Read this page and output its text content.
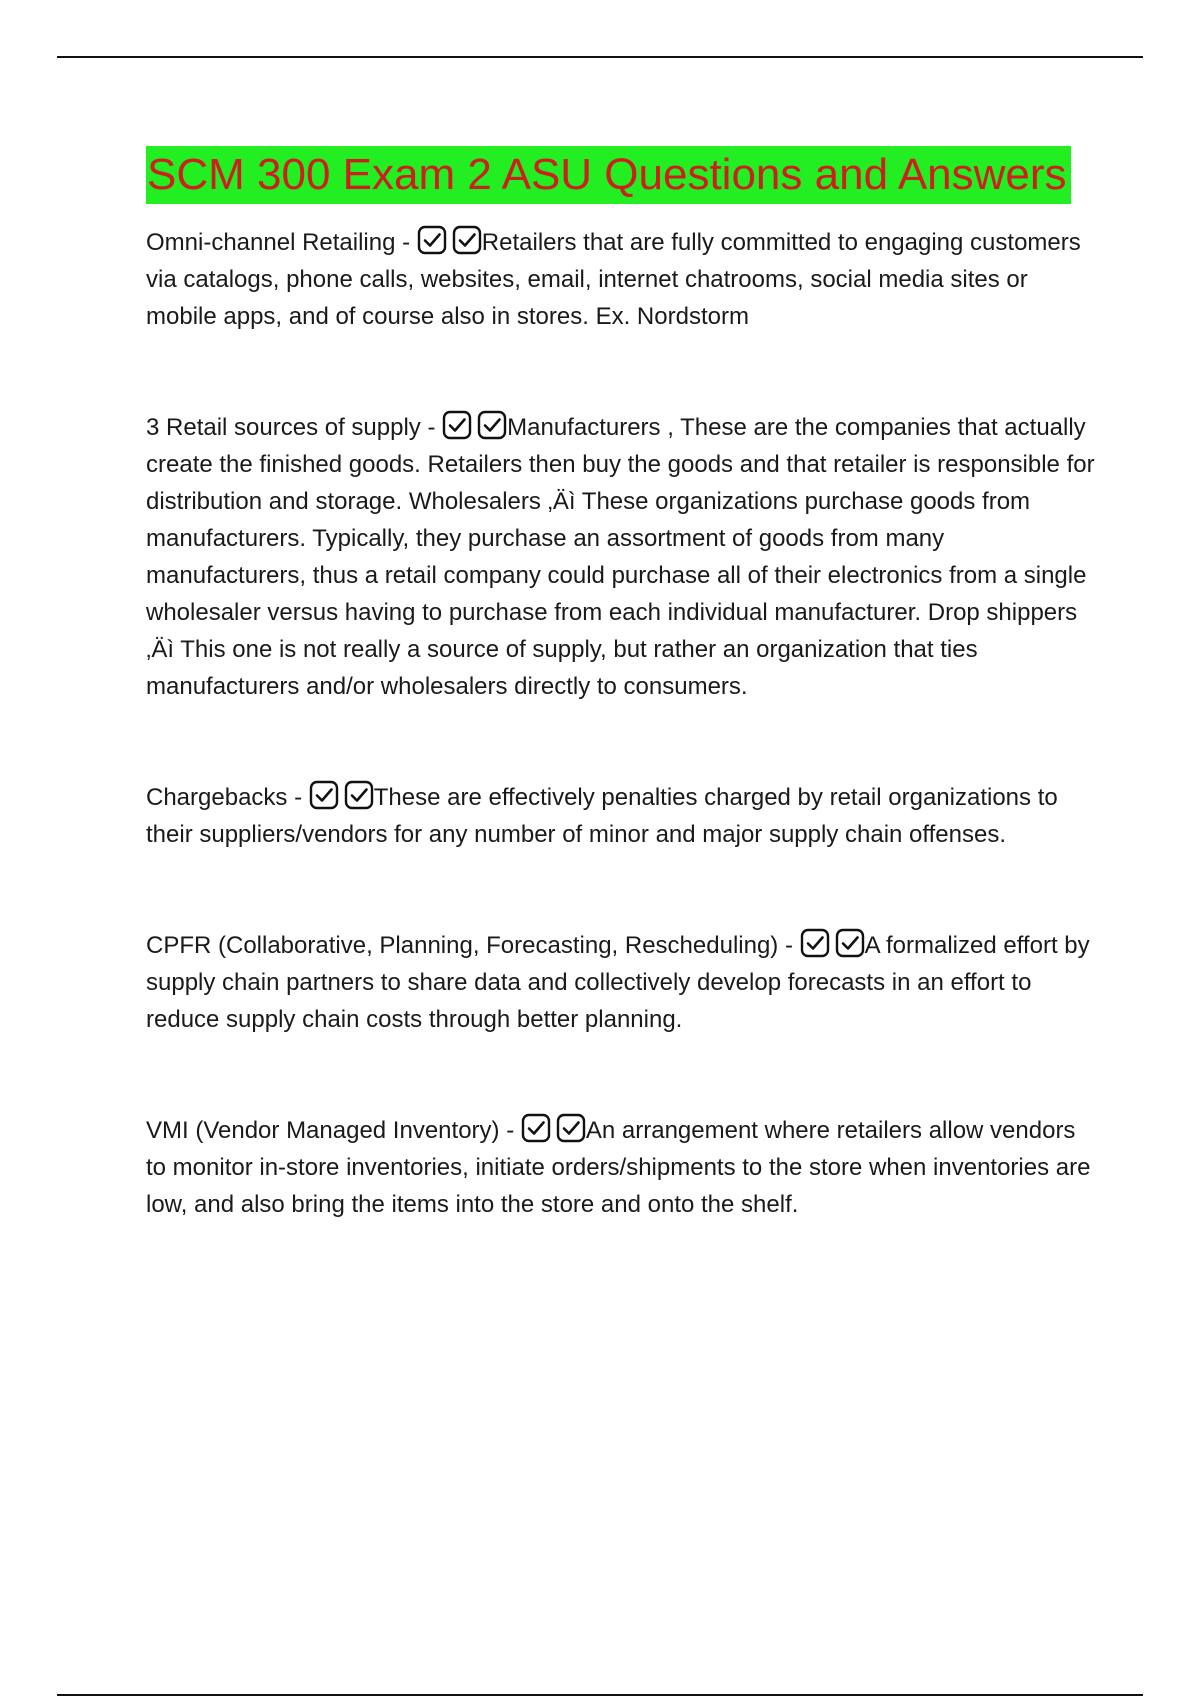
SCM 300 Exam 2 ASU Questions and Answers

Omni-channel Retailing -	Retailers that are fully committed to engaging customers via catalogs, phone calls, websites, email, internet chatrooms, social media sites or mobile apps, and of course also in stores. Ex. Nordstorm

3 Retail sources of supply -	Manufacturers , These are the companies that actually create the finished goods. Retailers then buy the goods and that retailer is responsible for distribution and storage. Wholesalers ‚Äì These organizations purchase goods from manufacturers. Typically, they purchase an assortment of goods from many manufacturers, thus a retail company could purchase all of their electronics from a single wholesaler versus having to purchase from each individual manufacturer. Drop shippers ‚Äì This one is not really a source of supply, but rather an organization that ties manufacturers and/or wholesalers directly to consumers.

Chargebacks -	These are effectively penalties charged by retail organizations to their suppliers/vendors for any number of minor and major supply chain offenses.

CPFR (Collaborative, Planning, Forecasting, Rescheduling) -	A formalized effort by supply chain partners to share data and collectively develop forecasts in an effort to reduce supply chain costs through better planning.

VMI (Vendor Managed Inventory) -	An arrangement where retailers allow vendors to monitor in-store inventories, initiate orders/shipments to the store when inventories are low, and also bring the items into the store and onto the shelf.
